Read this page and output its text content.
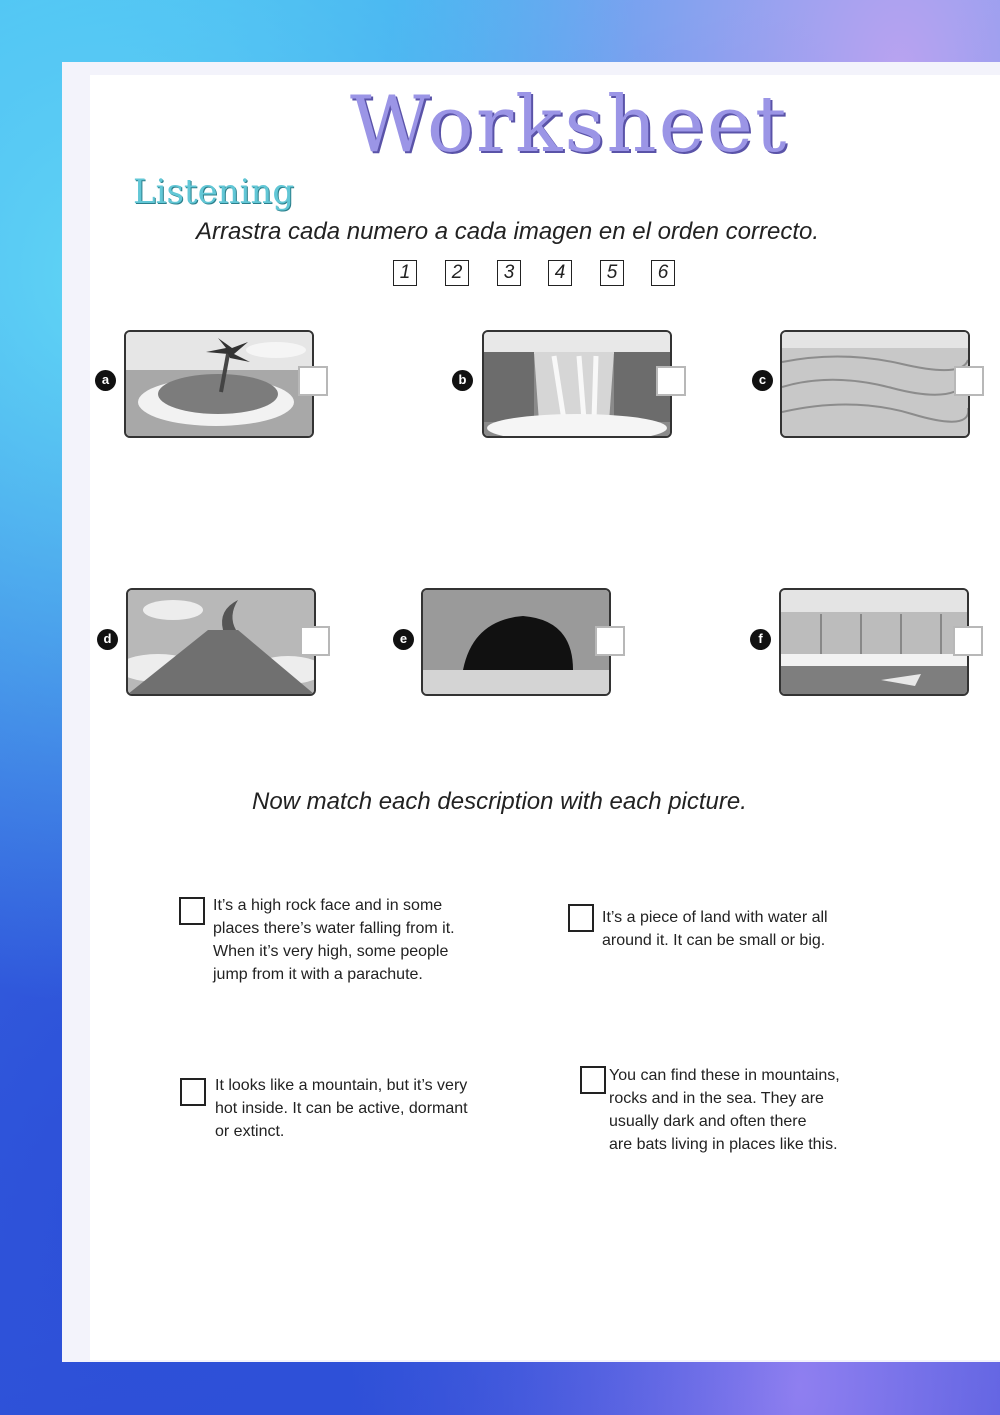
Worksheet
Listening
Arrastra cada numero a cada imagen en el orden correcto.
1	2	3	4	5	6
a	b	c
d	e	f
Now match each description with each picture.
It’s a high rock face and in some
places there’s water falling from it.
When it’s very high, some people
jump from it with a parachute.
It’s a piece of land with water all
around it. It can be small or big.
It looks like a mountain, but it’s very
hot inside. It can be active, dormant
or extinct.
You can find these in mountains,
rocks and in the sea. They are
usually dark and often there
are bats living in places like this.
